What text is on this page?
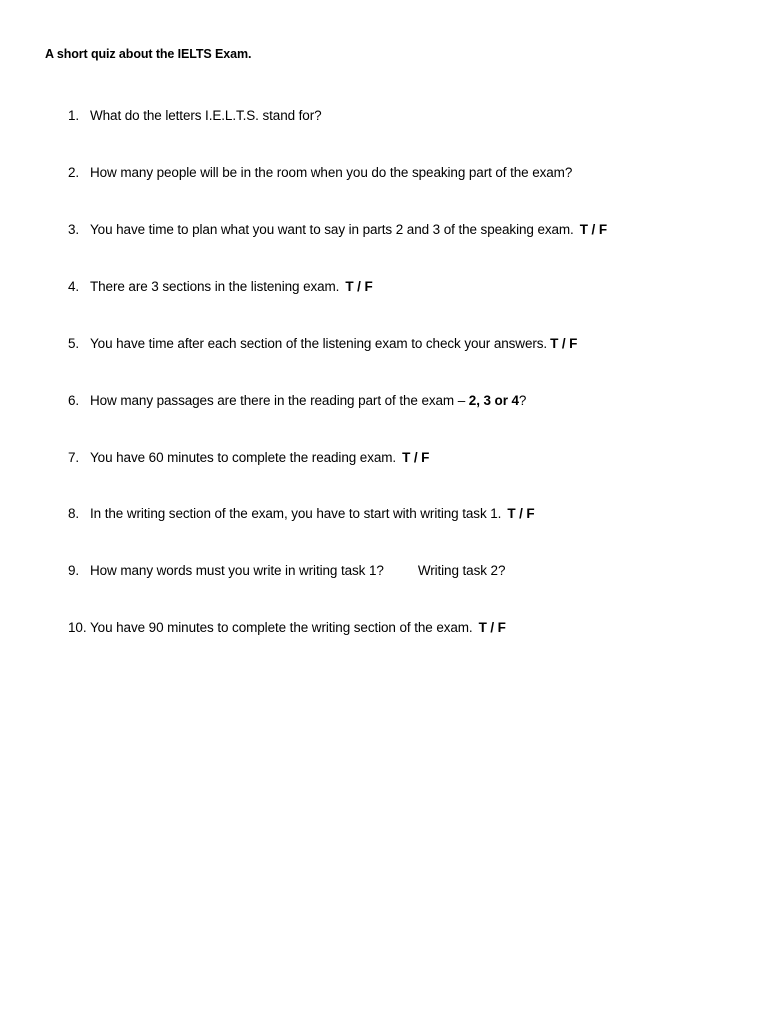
A short quiz about the IELTS Exam.
1. What do the letters I.E.L.T.S. stand for?
2. How many people will be in the room when you do the speaking part of the exam?
3. You have time to plan what you want to say in parts 2 and 3 of the speaking exam. T / F
4. There are 3 sections in the listening exam. T / F
5. You have time after each section of the listening exam to check your answers. T / F
6. How many passages are there in the reading part of the exam – 2, 3 or 4?
7. You have 60 minutes to complete the reading exam. T / F
8. In the writing section of the exam, you have to start with writing task 1. T / F
9. How many words must you write in writing task 1?	Writing task 2?
10. You have 90 minutes to complete the writing section of the exam. T / F
